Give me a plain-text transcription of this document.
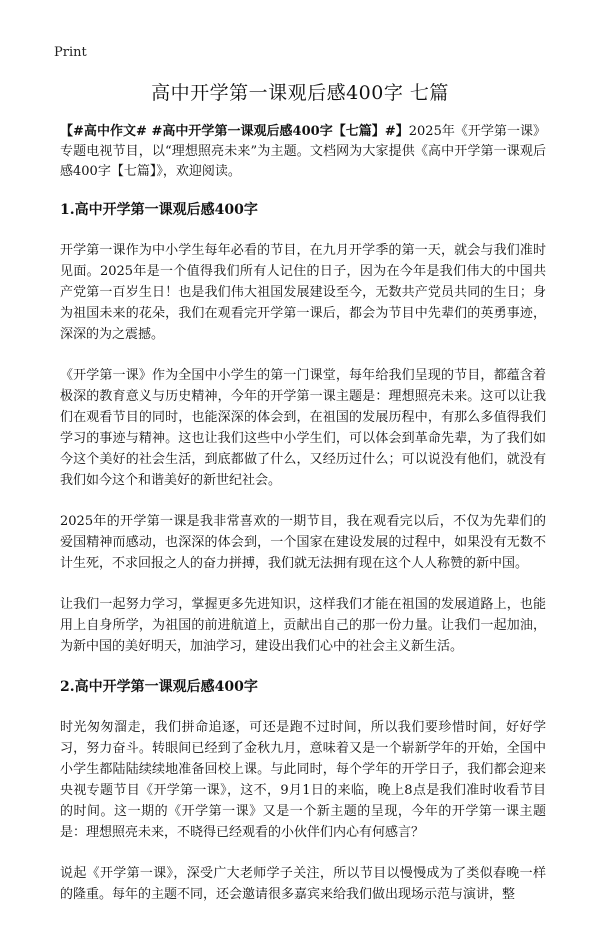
Print
高中开学第一课观后感400字 七篇

【#高中作文# #高中开学第一课观后感400字【七篇】#】2025年《开学第一课》专题电视节目，以“理想照亮未来”为主题。文档网为大家提供《高中开学第一课观后感400字【七篇】》，欢迎阅读。

1.高中开学第一课观后感400字

开学第一课作为中小学生每年必看的节目，在九月开学季的第一天，就会与我们准时见面。2025年是一个值得我们所有人记住的日子，因为在今年是我们伟大的中国共产党第一百岁生日！也是我们伟大祖国发展建设至今，无数共产党员共同的生日；身为祖国未来的花朵，我们在观看完开学第一课后，都会为节目中先辈们的英勇事迹，深深的为之震撼。

《开学第一课》作为全国中小学生的第一门课堂，每年给我们呈现的节目，都蕴含着极深的教育意义与历史精神，今年的开学第一课主题是：理想照亮未来。这可以让我们在观看节目的同时，也能深深的体会到，在祖国的发展历程中，有那么多值得我们学习的事迹与精神。这也让我们这些中小学生们，可以体会到革命先辈，为了我们如今这个美好的社会生活，到底都做了什么，又经历过什么；可以说没有他们，就没有我们如今这个和谐美好的新世纪社会。

2025年的开学第一课是我非常喜欢的一期节目，我在观看完以后，不仅为先辈们的爱国精神而感动，也深深的体会到，一个国家在建设发展的过程中，如果没有无数不计生死，不求回报之人的奋力拼搏，我们就无法拥有现在这个人人称赞的新中国。

让我们一起努力学习，掌握更多先进知识，这样我们才能在祖国的发展道路上，也能用上自身所学，为祖国的前进航道上，贡献出自己的那一份力量。让我们一起加油，为新中国的美好明天，加油学习，建设出我们心中的社会主义新生活。

2.高中开学第一课观后感400字

时光匆匆溜走，我们拼命追逐，可还是跑不过时间，所以我们要珍惜时间，好好学习，努力奋斗。转眼间已经到了金秋九月，意味着又是一个崭新学年的开始，全国中小学生都陆陆续续地准备回校上课。与此同时，每个学年的开学日子，我们都会迎来央视专题节目《开学第一课》，这不，9月1日的来临，晚上8点是我们准时收看节目的时间。这一期的《开学第一课》又是一个新主题的呈现，今年的开学第一课主题是：理想照亮未来，不晓得已经观看的小伙伴们内心有何感言？

说起《开学第一课》，深受广大老师学子关注，所以节目以慢慢成为了类似春晚一样的隆重。每年的主题不同，还会邀请很多嘉宾来给我们做出现场示范与演讲，整
